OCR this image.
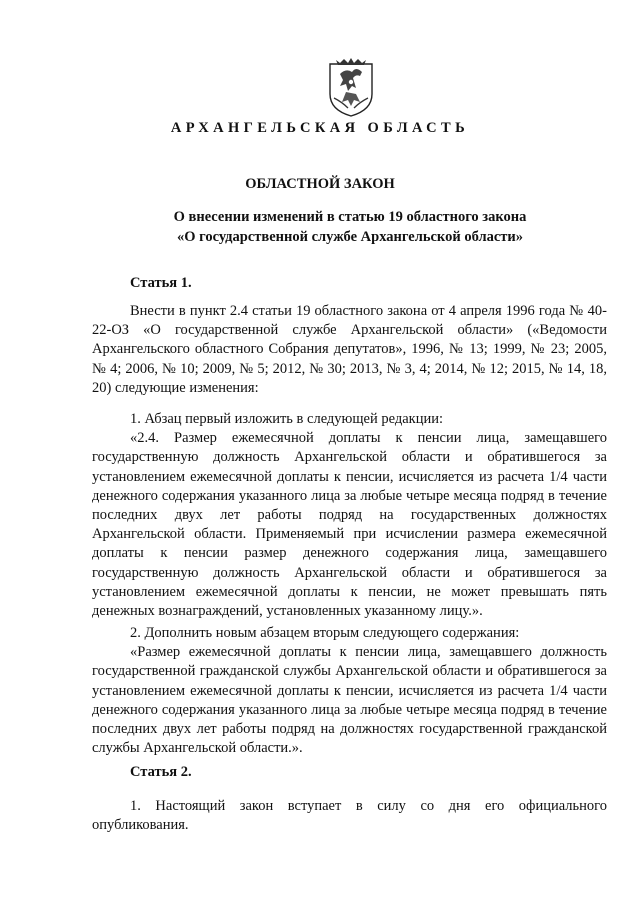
АРХАНГЕЛЬСКАЯ ОБЛАСТЬ
ОБЛАСТНОЙ ЗАКОН
О внесении изменений в статью 19 областного закона
«О государственной службе Архангельской области»
Статья 1.

Внести в пункт 2.4 статьи 19 областного закона от 4 апреля 1996 года № 40-22-ОЗ «О государственной службе Архангельской области» («Ведомости Архангельского областного Собрания депутатов», 1996, № 13; 1999, № 23; 2005, № 4; 2006, № 10; 2009, № 5; 2012, № 30; 2013, № 3, 4; 2014, № 12; 2015, № 14, 18, 20) следующие изменения:

1. Абзац первый изложить в следующей редакции:

«2.4. Размер ежемесячной доплаты к пенсии лица, замещавшего государственную должность Архангельской области и обратившегося за установлением ежемесячной доплаты к пенсии, исчисляется из расчета 1/4 части денежного содержания указанного лица за любые четыре месяца подряд в течение последних двух лет работы подряд на государственных должностях Архангельской области. Применяемый при исчислении размера ежемесячной доплаты к пенсии размер денежного содержания лица, замещавшего государственную должность Архангельской области и обратившегося за установлением ежемесячной доплаты к пенсии, не может превышать пять денежных вознаграждений, установленных указанному лицу.».

2. Дополнить новым абзацем вторым следующего содержания:

«Размер ежемесячной доплаты к пенсии лица, замещавшего должность государственной гражданской службы Архангельской области и обратившегося за установлением ежемесячной доплаты к пенсии, исчисляется из расчета 1/4 части денежного содержания указанного лица за любые четыре месяца подряд в течение последних двух лет работы подряд на должностях государственной гражданской службы Архангельской области.».

Статья 2.

1. Настоящий закон вступает в силу со дня его официального опубликования.
